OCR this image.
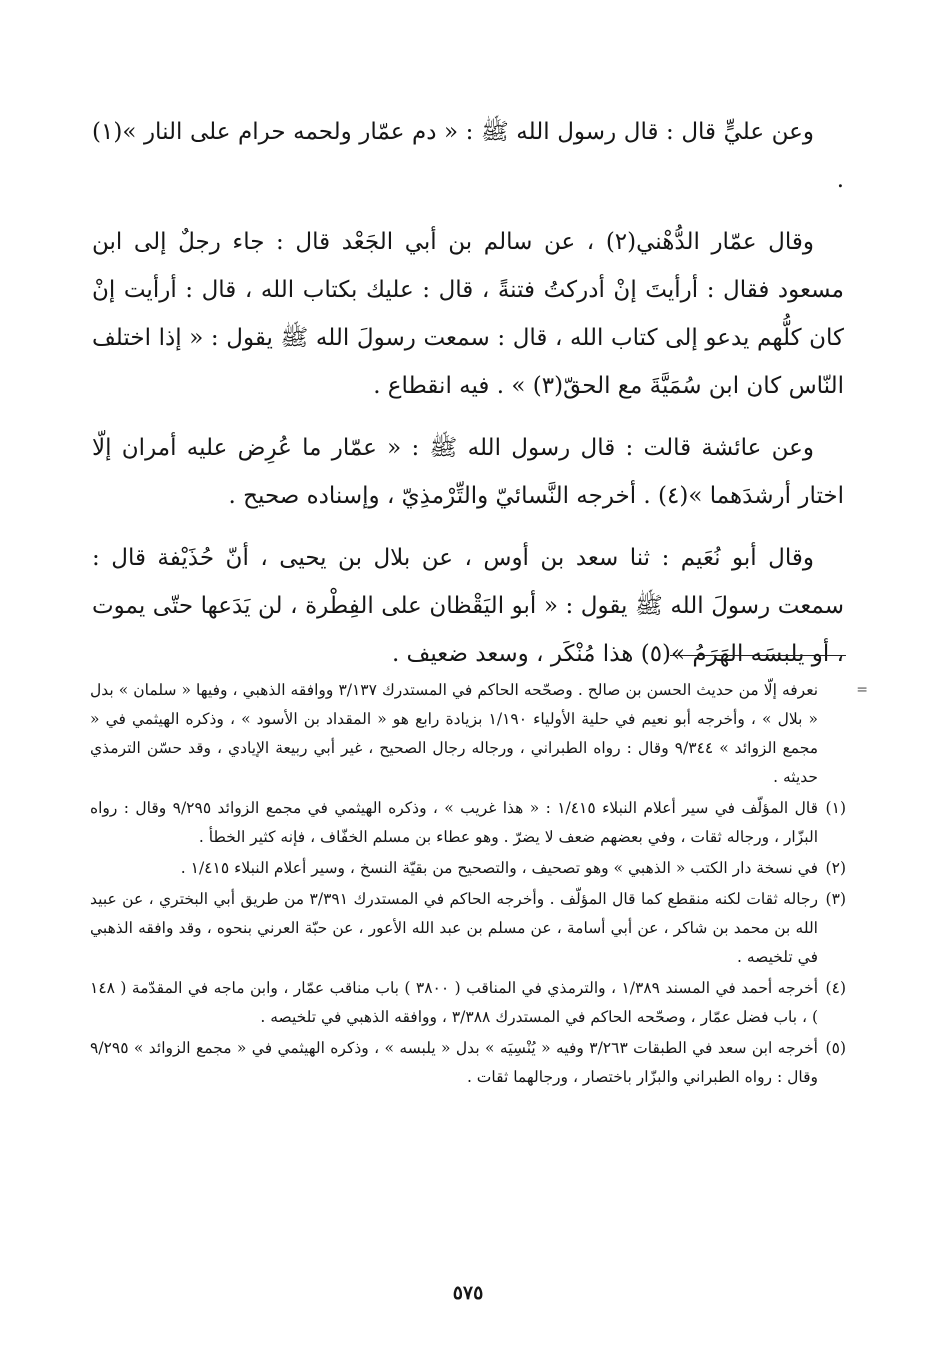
وعن عليٍّ قال : قال رسول الله ﷺ : « دم عمّار ولحمه حرام على النار »(١) .

وقال عمّار الدُّهْني(٢) ، عن سالم بن أبي الجَعْد قال : جاء رجلٌ إلى ابن مسعود فقال : أرأيتَ إنْ أدركتُ فتنةً ، قال : عليك بكتاب الله ، قال : أرأيت إنْ كان كلُّهم يدعو إلى كتاب الله ، قال : سمعت رسولَ الله ﷺ يقول : « إذا اختلف النّاس كان ابن سُمَيَّةَ مع الحقّ(٣) » . فيه انقطاع .

وعن عائشة قالت : قال رسول الله ﷺ : « عمّار ما عُرِض عليه أمران إلّا اختار أرشدَهما »(٤) . أخرجه النَّسائيّ والتِّرْمذِيّ ، وإسناده صحيح .

وقال أبو نُعَيم : ثنا سعد بن أوس ، عن بلال بن يحيى ، أنّ حُذَيْفة قال : سمعت رسولَ الله ﷺ يقول : « أبو اليَقْظان على الفِطْرة ، لن يَدَعها حتّى يموت ، أو يلبسَه الهَرَمُ »(٥) هذا مُنْكَر ، وسعد ضعيف .

=
نعرفه إلّا من حديث الحسن بن صالح . وصحّحه الحاكم في المستدرك ٣/١٣٧ ووافقه الذهبي ، وفيها « سلمان » بدل « بلال » ، وأخرجه أبو نعيم في حلية الأولياء ١/١٩٠ بزيادة رابع هو « المقداد بن الأسود » ، وذكره الهيثمي في « مجمع الزوائد » ٩/٣٤٤ وقال : رواه الطبراني ، ورجاله رجال الصحيح ، غير أبي ربيعة الإيادي ، وقد حسّن الترمذي حديثه .

(١)
قال المؤلّف في سير أعلام النبلاء ١/٤١٥ : « هذا غريب » ، وذكره الهيثمي في مجمع الزوائد ٩/٢٩٥ وقال : رواه البزّار ، ورجاله ثقات ، وفي بعضهم ضعف لا يضرّ . وهو عطاء بن مسلم الخفّاف ، فإنه كثير الخطأ .

(٢)
في نسخة دار الكتب « الذهبي » وهو تصحيف ، والتصحيح من بقيّة النسخ ، وسير أعلام النبلاء ١/٤١٥ .

(٣)
رجاله ثقات لكنه منقطع كما قال المؤلّف . وأخرجه الحاكم في المستدرك ٣/٣٩١ من طريق أبي البختري ، عن عبيد الله بن محمد بن شاكر ، عن أبي أسامة ، عن مسلم بن عبد الله الأعور ، عن حبّة العرني بنحوه ، وقد وافقه الذهبي في تلخيصه .

(٤)
أخرجه أحمد في المسند ١/٣٨٩ ، والترمذي في المناقب ( ٣٨٠٠ ) باب مناقب عمّار ، وابن ماجه في المقدّمة ( ١٤٨ ) ، باب فضل عمّار ، وصحّحه الحاكم في المستدرك ٣/٣٨٨ ، ووافقه الذهبي في تلخيصه .

(٥)
أخرجه ابن سعد في الطبقات ٣/٢٦٣ وفيه « يُنْسِيَه » بدل « يلبسه » ، وذكره الهيثمي في « مجمع الزوائد » ٩/٢٩٥ وقال : رواه الطبراني والبزّار باختصار ، ورجالهما ثقات .

٥٧٥
